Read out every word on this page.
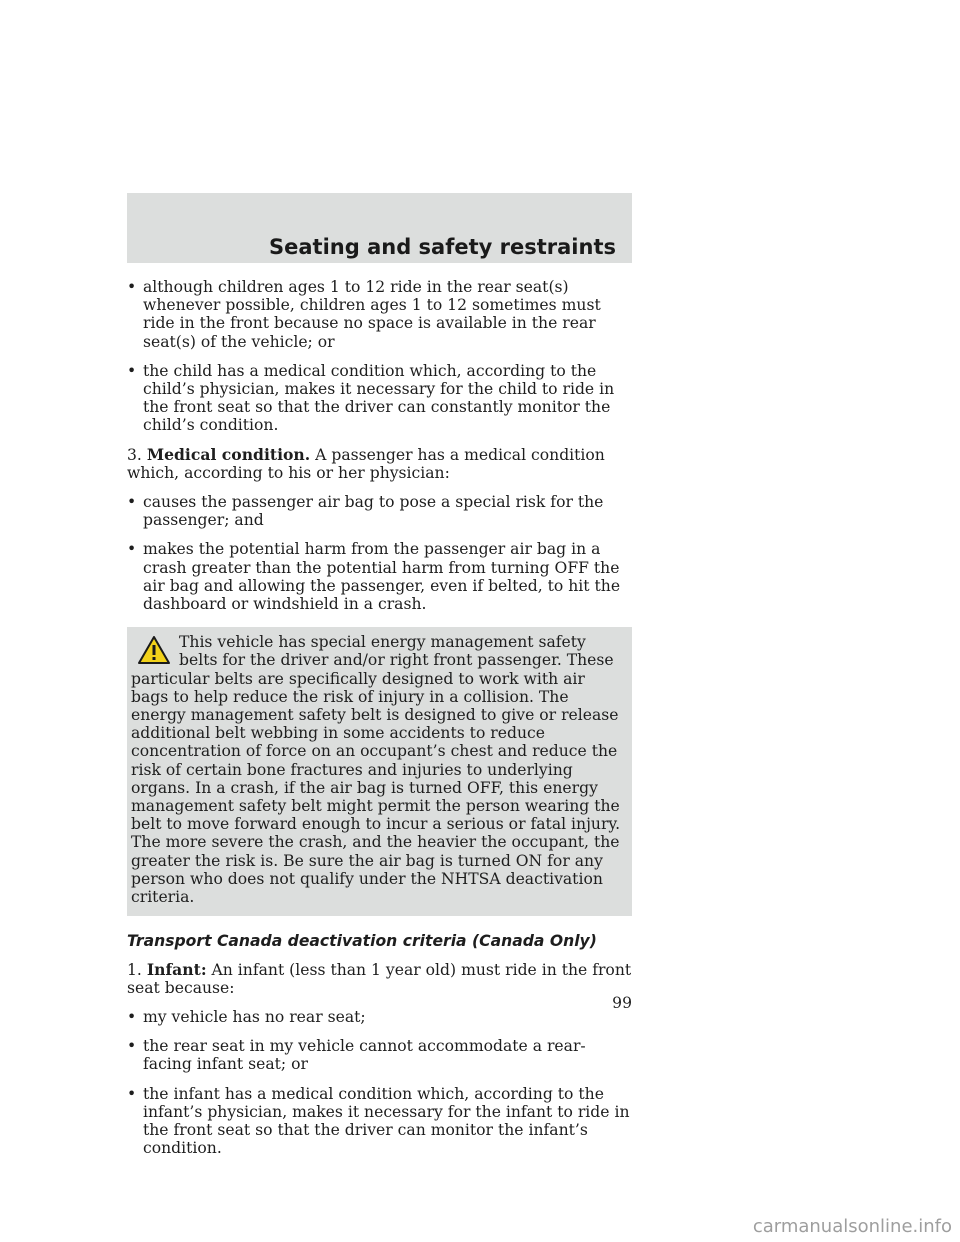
Seating and safety restraints
• although children ages 1 to 12 ride in the rear seat(s) whenever possible, children ages 1 to 12 sometimes must ride in the front because no space is available in the rear seat(s) of the vehicle; or
• the child has a medical condition which, according to the child’s physician, makes it necessary for the child to ride in the front seat so that the driver can constantly monitor the child’s condition.
3. Medical condition. A passenger has a medical condition which, according to his or her physician:
• causes the passenger air bag to pose a special risk for the passenger; and
• makes the potential harm from the passenger air bag in a crash greater than the potential harm from turning OFF the air bag and allowing the passenger, even if belted, to hit the dashboard or windshield in a crash.

This vehicle has special energy management safety belts for the driver and/or right front passenger. These particular belts are specifically designed to work with air bags to help reduce the risk of injury in a collision. The energy management safety belt is designed to give or release additional belt webbing in some accidents to reduce concentration of force on an occupant’s chest and reduce the risk of certain bone fractures and injuries to underlying organs. In a crash, if the air bag is turned OFF, this energy management safety belt might permit the person wearing the belt to move forward enough to incur a serious or fatal injury. The more severe the crash, and the heavier the occupant, the greater the risk is. Be sure the air bag is turned ON for any person who does not qualify under the NHTSA deactivation criteria.

Transport Canada deactivation criteria (Canada Only)
1. Infant: An infant (less than 1 year old) must ride in the front seat because:
• my vehicle has no rear seat;
• the rear seat in my vehicle cannot accommodate a rear-facing infant seat; or
• the infant has a medical condition which, according to the infant’s physician, makes it necessary for the infant to ride in the front seat so that the driver can monitor the infant’s condition.
99
carmanualsonline.info
